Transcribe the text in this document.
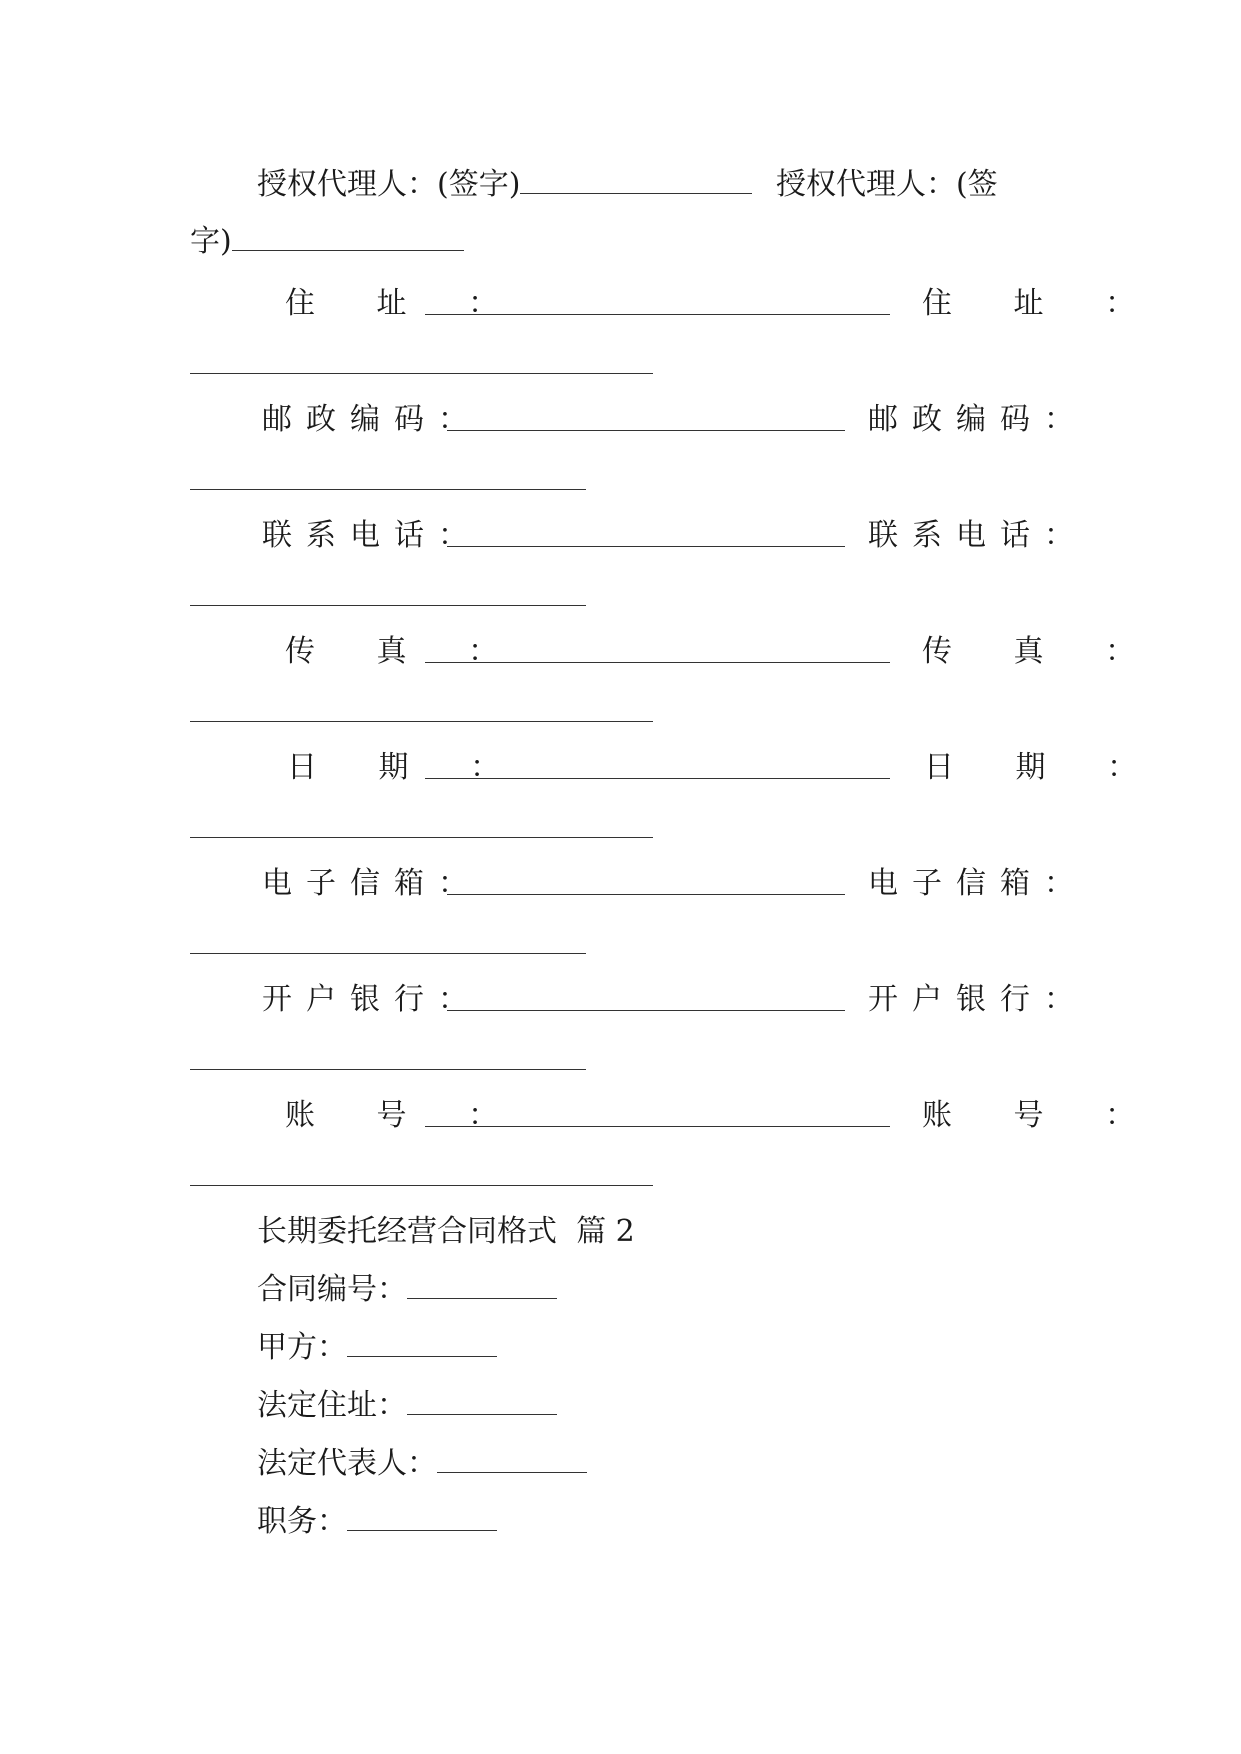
授权代理人：(签字)	授权代理人：(签
字)
住 址 ：	住 址 ：
邮政编码：	邮政编码：
联系电话：	联系电话：
传 真 ：	传 真 ：
日 期 ：	日 期 ：
电子信箱：	电子信箱：
开户银行：	开户银行：
账 号 ：	账 号 ：
长期委托经营合同格式  篇 2
合同编号：
甲方：
法定住址：
法定代表人：
职务：
